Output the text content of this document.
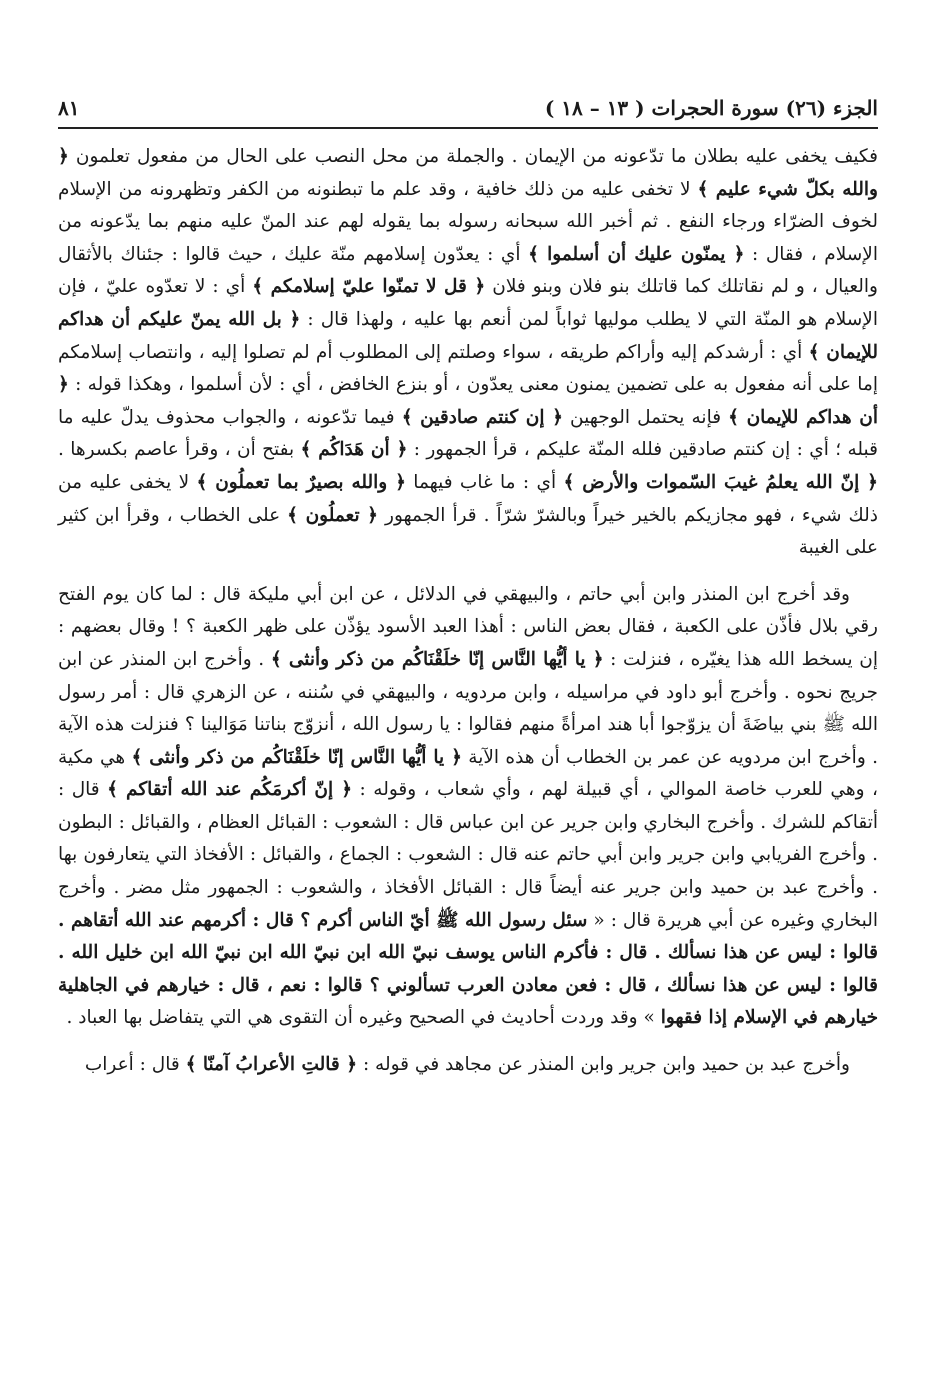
الجزء (٢٦) سورة الحجرات ( ١٣ – ١٨ )
٨١

فكيف يخفى عليه بطلان ما تدّعونه من الإيمان . والجملة من محل النصب على الحال من مفعول تعلمون ﴿ والله بكلّ شيء عليم ﴾ لا تخفى عليه من ذلك خافية ، وقد علم ما تبطنونه من الكفر وتظهرونه من الإسلام لخوف الضرّاء ورجاء النفع . ثم أخبر الله سبحانه رسوله بما يقوله لهم عند المنّ عليه منهم بما يدّعونه من الإسلام ، فقال : ﴿ يمنّون عليك أن أسلموا ﴾ أي : يعدّون إسلامهم منّة عليك ، حيث قالوا : جئناك بالأثقال والعيال ، و لم نقاتلك كما قاتلك بنو فلان وبنو فلان ﴿ قل لا تمنّوا عليّ إسلامكم ﴾ أي : لا تعدّوه عليّ ، فإن الإسلام هو المنّة التي لا يطلب موليها ثواباً لمن أنعم بها عليه ، ولهذا قال : ﴿ بل الله يمنّ عليكم أن هداكم للإيمان ﴾ أي : أرشدكم إليه وأراكم طريقه ، سواء وصلتم إلى المطلوب أم لم تصلوا إليه ، وانتصاب إسلامكم إما على أنه مفعول به على تضمين يمنون معنى يعدّون ، أو بنزع الخافض ، أي : لأن أسلموا ، وهكذا قوله : ﴿ أن هداكم للإيمان ﴾ فإنه يحتمل الوجهين ﴿ إن كنتم صادقين ﴾ فيما تدّعونه ، والجواب محذوف يدلّ عليه ما قبله ؛ أي : إن كنتم صادقين فلله المنّة عليكم ، قرأ الجمهور : ﴿ أن هَدَاكُم ﴾ بفتح أن ، وقرأ عاصم بكسرها . ﴿ إنّ الله يعلمُ غيبَ السّموات والأرض ﴾ أي : ما غاب فيهما ﴿ والله بصيرٌ بما تعملُون ﴾ لا يخفى عليه من ذلك شيء ، فهو مجازيكم بالخير خيراً وبالشرّ شرّاً . قرأ الجمهور ﴿ تعملُون ﴾ على الخطاب ، وقرأ ابن كثير على الغيبة

وقد أخرج ابن المنذر وابن أبي حاتم ، والبيهقي في الدلائل ، عن ابن أبي مليكة قال : لما كان يوم الفتح رقي بلال فأذّن على الكعبة ، فقال بعض الناس : أهذا العبد الأسود يؤذّن على ظهر الكعبة ؟ ! وقال بعضهم : إن يسخط الله هذا يغيّره ، فنزلت : ﴿ يا أيُّها النَّاس إنّا خلَقْنَاكُم من ذكر وأنثى ﴾ . وأخرج ابن المنذر عن ابن جريج نحوه . وأخرج أبو داود في مراسيله ، وابن مردويه ، والبيهقي في سُننه ، عن الزهري قال : أمر رسول الله ﷺ بني بياضَةَ أن يزوّجوا أبا هند امرأةً منهم فقالوا : يا رسول الله ، أنزوّج بناتنا مَوَالينا ؟ فنزلت هذه الآية . وأخرج ابن مردويه عن عمر بن الخطاب أن هذه الآية ﴿ يا أيُّها النَّاس إنّا خلَقْنَاكُم من ذكر وأنثى ﴾ هي مكية ، وهي للعرب خاصة الموالي ، أي قبيلة لهم ، وأي شعاب ، وقوله : ﴿ إنّ أكرمَكُم عند الله أتقاكم ﴾ قال : أتقاكم للشرك . وأخرج البخاري وابن جرير عن ابن عباس قال : الشعوب : القبائل العظام ، والقبائل : البطون . وأخرج الفريابي وابن جرير وابن أبي حاتم عنه قال : الشعوب : الجماع ، والقبائل : الأفخاذ التي يتعارفون بها . وأخرج عبد بن حميد وابن جرير عنه أيضاً قال : القبائل الأفخاذ ، والشعوب : الجمهور مثل مضر . وأخرج البخاري وغيره عن أبي هريرة قال : « سئل رسول الله ﷺ أيّ الناس أكرم ؟ قال : أكرمهم عند الله أتقاهم . قالوا : ليس عن هذا نسألك . قال : فأكرم الناس يوسف نبيّ الله ابن نبيّ الله ابن نبيّ الله ابن خليل الله . قالوا : ليس عن هذا نسألك ، قال : فعن معادن العرب تسألوني ؟ قالوا : نعم ، قال : خيارهم في الجاهلية خيارهم في الإسلام إذا فقهوا » وقد وردت أحاديث في الصحيح وغيره أن التقوى هي التي يتفاضل بها العباد .

وأخرج عبد بن حميد وابن جرير وابن المنذر عن مجاهد في قوله : ﴿ قالتِ الأعرابُ آمنّا ﴾ قال : أعراب
